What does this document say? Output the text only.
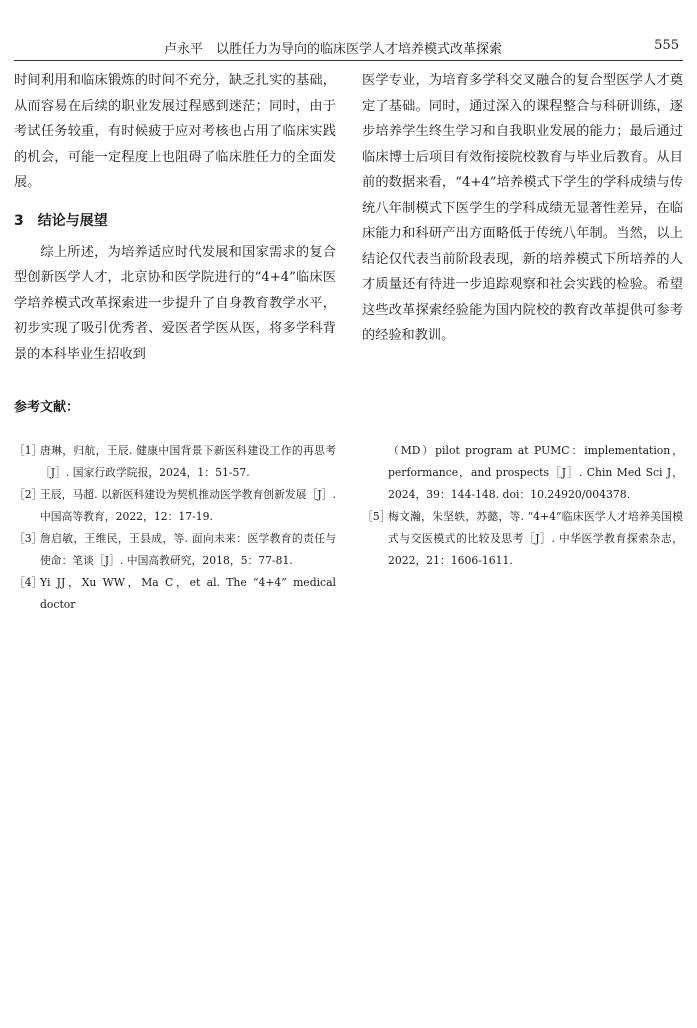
卢永平　以胜任力为导向的临床医学人才培养模式改革探索	555

时间利用和临床锻炼的时间不充分，缺乏扎实的基础，从而容易在后续的职业发展过程感到迷茫；同时，由于考试任务较重，有时候疲于应对考核也占用了临床实践的机会，可能一定程度上也阻碍了临床胜任力的全面发展。

3 结论与展望

综上所述，为培养适应时代发展和国家需求的复合型创新医学人才，北京协和医学院进行的“4+4”临床医学培养模式改革探索进一步提升了自身教育教学水平，初步实现了吸引优秀者、爱医者学医从医，将多学科背景的本科毕业生招收到

医学专业，为培育多学科交叉融合的复合型医学人才奠定了基础。同时，通过深入的课程整合与科研训练，逐步培养学生终生学习和自我职业发展的能力；最后通过临床博士后项目有效衔接院校教育与毕业后教育。从目前的数据来看，“4+4”培养模式下学生的学科成绩与传统八年制模式下医学生的学科成绩无显著性差异，在临床能力和科研产出方面略低于传统八年制。当然，以上结论仅代表当前阶段表现，新的培养模式下所培养的人才质量还有待进一步追踪观察和社会实践的检验。希望这些改革探索经验能为国内院校的教育改革提供可参考的经验和教训。

参考文献：

［1］
唐琳，归航，王辰. 健康中国背景下新医科建设工作的再思考［J］. 国家行政学院报，2024，1：51-57.

［2］
王辰，马超. 以新医科建设为契机推动医学教育创新发展［J］. 中国高等教育，2022，12：17-19.

［3］
詹启敏，王维民，王县成，等. 面向未来：医学教育的责任与使命：笔谈［J］. 中国高教研究，2018，5：77-81.

［4］
Yi JJ，Xu WW，Ma C，et al. The “4+4” medical doctor

（MD）pilot program at PUMC：implementation，performance，and prospects［J］. Chin Med Sci J，2024，39：144-148. doi：10.24920/004378.

［5］
梅文瀚，朱坚轶，苏懿，等. “4+4”临床医学人才培养美国模式与交医模式的比较及思考［J］. 中华医学教育探索杂志，2022，21：1606-1611.
